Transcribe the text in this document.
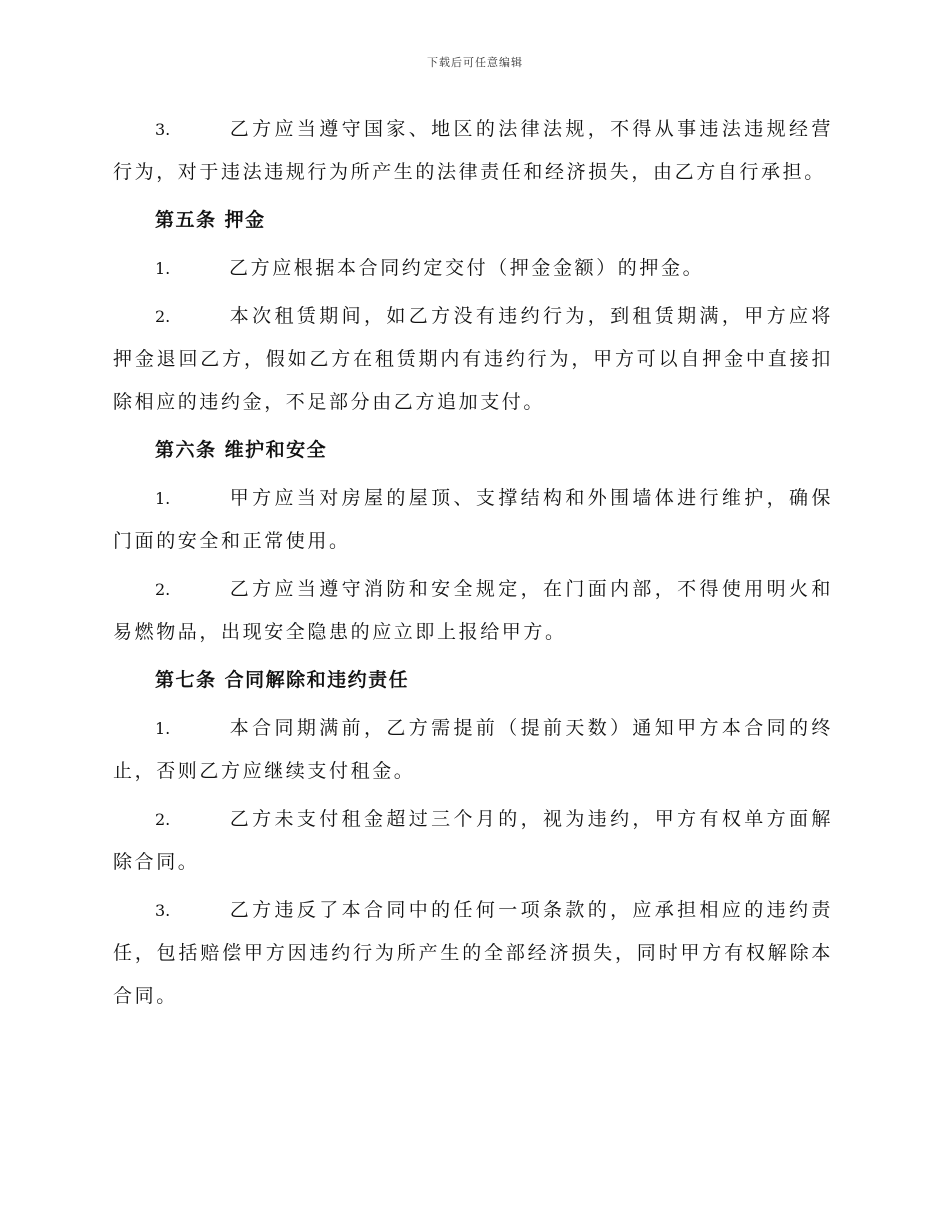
下载后可任意编辑

3.	乙方应当遵守国家、地区的法律法规，不得从事违法违规经营行为，对于违法违规行为所产生的法律责任和经济损失，由乙方自行承担。

第五条 押金

1.	乙方应根据本合同约定交付（押金金额）的押金。

2.	本次租赁期间，如乙方没有违约行为，到租赁期满，甲方应将押金退回乙方，假如乙方在租赁期内有违约行为，甲方可以自押金中直接扣除相应的违约金，不足部分由乙方追加支付。

第六条 维护和安全

1.	甲方应当对房屋的屋顶、支撑结构和外围墙体进行维护，确保门面的安全和正常使用。

2.	乙方应当遵守消防和安全规定，在门面内部，不得使用明火和易燃物品，出现安全隐患的应立即上报给甲方。

第七条 合同解除和违约责任

1.	本合同期满前，乙方需提前（提前天数）通知甲方本合同的终止，否则乙方应继续支付租金。

2.	乙方未支付租金超过三个月的，视为违约，甲方有权单方面解除合同。

3.	乙方违反了本合同中的任何一项条款的，应承担相应的违约责任，包括赔偿甲方因违约行为所产生的全部经济损失，同时甲方有权解除本合同。
